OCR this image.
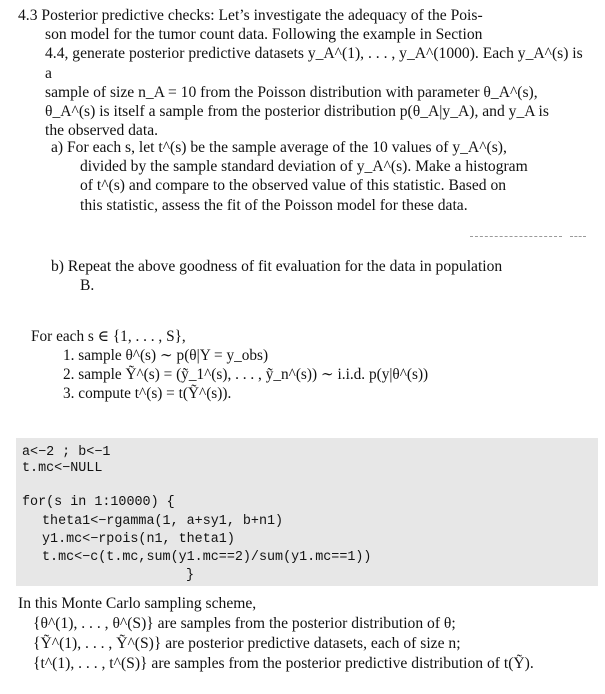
4.3 Posterior predictive checks: Let’s investigate the adequacy of the Pois-

son model for the tumor count data. Following the example in Section

4.4, generate posterior predictive datasets y_A^(1), . . . , y_A^(1000). Each y_A^(s) is a

sample of size n_A = 10 from the Poisson distribution with parameter θ_A^(s),

θ_A^(s) is itself a sample from the posterior distribution p(θ_A|y_A), and y_A is

the observed data.

a) For each s, let t^(s) be the sample average of the 10 values of y_A^(s),

divided by the sample standard deviation of y_A^(s). Make a histogram

of t^(s) and compare to the observed value of this statistic. Based on

this statistic, assess the fit of the Poisson model for these data.

b) Repeat the above goodness of fit evaluation for the data in population

B.

For each s ∈ {1, . . . , S},

1. sample θ^(s) ∼ p(θ|Y = y_obs)

2. sample Ỹ^(s) = (ỹ_1^(s), . . . , ỹ_n^(s)) ∼ i.i.d. p(y|θ^(s))

3. compute t^(s) = t(Ỹ^(s)).

a<−2 ; b<−1
t.mc<−NULL
for(s in 1:10000) {
theta1<−rgamma(1, a+sy1, b+n1)
y1.mc<−rpois(n1, theta1)
t.mc<−c(t.mc,sum(y1.mc==2)/sum(y1.mc==1))
}

In this Monte Carlo sampling scheme,

{θ^(1), . . . , θ^(S)} are samples from the posterior distribution of θ;

{Ỹ^(1), . . . , Ỹ^(S)} are posterior predictive datasets, each of size n;

{t^(1), . . . , t^(S)} are samples from the posterior predictive distribution of t(Ỹ).
